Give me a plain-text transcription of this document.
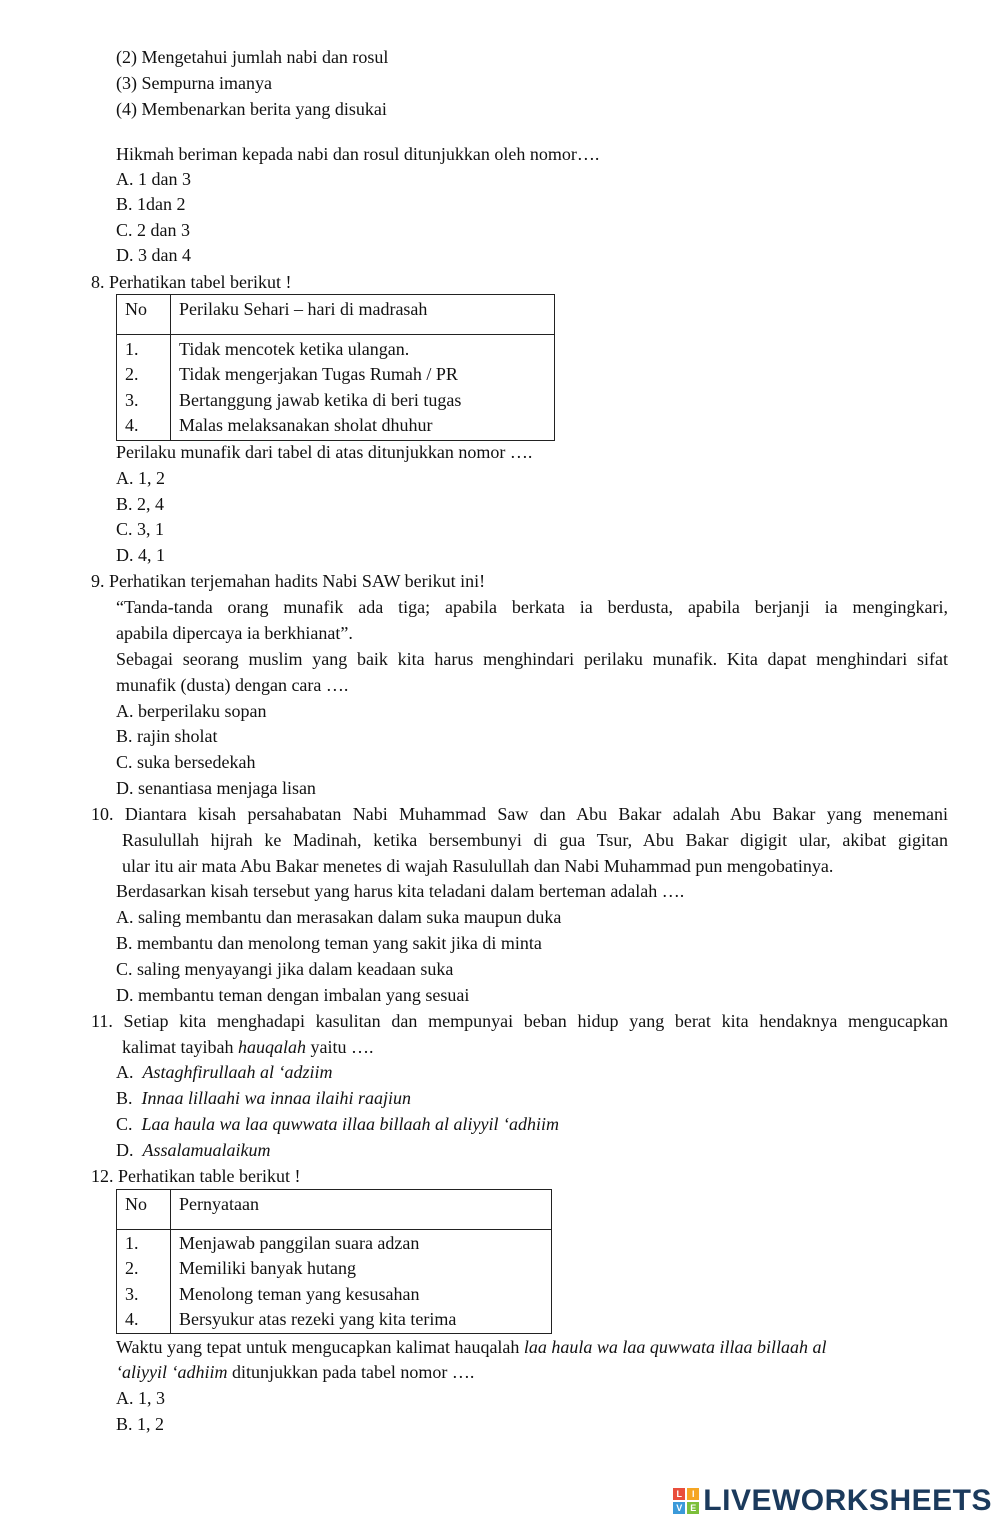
(2) Mengetahui jumlah nabi dan rosul
(3) Sempurna imanya
(4) Membenarkan berita yang disukai
Hikmah beriman kepada nabi dan rosul ditunjukkan oleh nomor….
A. 1 dan 3
B. 1dan 2
C. 2 dan 3
D. 3 dan 4
8. Perhatikan tabel berikut !
No Perilaku Sehari – hari di madrasah
1. Tidak mencotek ketika ulangan.
2. Tidak mengerjakan Tugas Rumah / PR
3. Bertanggung jawab ketika di beri tugas
4. Malas melaksanakan sholat dhuhur
Perilaku munafik dari tabel di atas ditunjukkan nomor ….
A. 1, 2
B. 2, 4
C. 3, 1
D. 4, 1
9. Perhatikan terjemahan hadits Nabi SAW berikut ini!
“Tanda-tanda orang munafik ada tiga; apabila berkata ia berdusta, apabila berjanji ia mengingkari,
apabila dipercaya ia berkhianat”.
Sebagai seorang muslim yang baik kita harus menghindari perilaku munafik. Kita dapat menghindari sifat
munafik (dusta) dengan cara ….
A. berperilaku sopan
B. rajin sholat
C. suka bersedekah
D. senantiasa menjaga lisan
10. Diantara kisah persahabatan Nabi Muhammad Saw dan Abu Bakar adalah Abu Bakar yang menemani
Rasulullah hijrah ke Madinah, ketika bersembunyi di gua Tsur, Abu Bakar digigit ular, akibat gigitan
ular itu air mata Abu Bakar menetes di wajah Rasulullah dan Nabi Muhammad pun mengobatinya.
Berdasarkan kisah tersebut yang harus kita teladani dalam berteman adalah ….
A. saling membantu dan merasakan dalam suka maupun duka
B. membantu dan menolong teman yang sakit jika di minta
C. saling menyayangi jika dalam keadaan suka
D. membantu teman dengan imbalan yang sesuai
11. Setiap kita menghadapi kasulitan dan mempunyai beban hidup yang berat kita hendaknya mengucapkan
kalimat tayibah hauqalah yaitu ….
A. Astaghfirullaah al ‘adziim
B. Innaa lillaahi wa innaa ilaihi raajiun
C. Laa haula wa laa quwwata illaa billaah al aliyyil ‘adhiim
D. Assalamualaikum
12. Perhatikan table berikut !
No Pernyataan
1. Menjawab panggilan suara adzan
2. Memiliki banyak hutang
3. Menolong teman yang kesusahan
4. Bersyukur atas rezeki yang kita terima
Waktu yang tepat untuk mengucapkan kalimat hauqalah laa haula wa laa quwwata illaa billaah al
‘aliyyil ‘adhiim ditunjukkan pada tabel nomor ….
A. 1, 3
B. 1, 2
L	I
V E LIVEWORKSHEETS
